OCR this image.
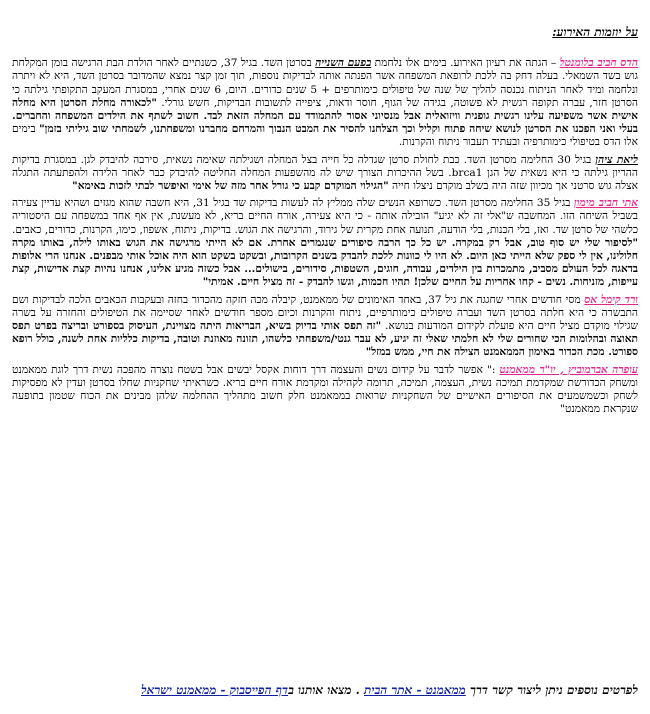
על יוזמות האירוע:

הדס חביב בלומנטל – הגתה את רעיון האירוע. בימים אלו נלחמת בפעם השנייה בסרטן השד. בגיל 37, כשנתיים לאחר הולדת הבת הרגישה בומן המקלחת גוש בשד השמאלי. בעלה דחק בה ללכת לרופאת המשפחה אשר הפנתה אותה לבדיקות נוספות, תוך זמן קצר נמצא שהמדובר בסרטן השד, היא לא ויתרה ונלחמה ומיד לאחר הניתוח נכנסה להליך של שנה של טיפולים כימותרפים + 5 שנים כדורים. היום, 6 שנים אחרי, במסגרת המעקב התקופתי גילתה כי הסרטן חזר, עברה תקופה רגשית לא פשוטה, בגידה של הגוף, חוסר ודאות, ציפייה לתשובות הבדיקות, חשש גורלי. "לכאורה מחלת הסרטן היא מחלה אישית אשר משפיעה עלינו רגשית גופנית וויזואלית אבל מנסיוני אסור להתמודד עם המחלה הזאת לבד. חשוב לשתף את הילדים המשפחה והחברים. בעלי ואני הפכנו את הסרטן לנושא שיחה פתוח וקליל וכך הצלחנו להסיר את המבט הנבוך והמרחם מחברנו ומשפחתנו, לשמחתי שוב גיליתי בזמן" בימים אלו הדס בטיפולי כימותרפיה ובעתיד תעבור ניתוח והקרנות.

ליאת ציהן בגיל 30 החלימה מסרטן השד. כבת לחולת סרטן שגדלה כל חייה בצל המחלה ושגילתה שאימה נשאית, סירבה להיבדק לגן. במסגרת בדיקות ההריון גילתה כי היא נשאית של הגן brca1. בשל ההיכרות הצורך שיש לה מהשפעות המחלה החליטה להיבדק כבר לאחר הלידה ולהפתעתה התגלה אצלה גוש סרטני אך מכיוון שזה היה בשלב מוקדם ניצלו חייה "הגילוי המוקדם קבע כי גורל אחר מזה של אימי ואיפשר לבתי לזכות באימא"

אתי חביב מימון בגיל 35 החלימה מסרטן השד. כשרופא הנשים שלה ממליץ לה לעשות בדיקות שד בגיל 31, היא חשבה שהוא מגזים ושהיא עדיין צעירה בשביל השיחה הזו. המחשבה ש"אלי זה לא יגיע" הובילה אותה - כי היא צעירה, אורח החיים בריא, לא מעשנת, אין אף אחד במשפחה עם היסטוריה כלשהי של סרטן שד. ואז, בלי הכנות, בלי הודעה, תנועה אחת מקרית של גירוד, והרגישה את הגוש. בדיקות, ניתוח, אשפוז, כימו, הקרנות, כדורים, כאבים. "לסיפור שלי יש סוף טוב, אבל רק במקרה. יש כל כך הרבה סיפורים שנגמרים אחרת. אם לא הייתי מרגישה את הגוש באותו לילה, באותו מקרה חלולינו, אין לי ספק שלא הייתי כאן היום. לא היו לי כוונות ללכת להבדק בשנים הקרובות, ובשקט בשקט הוא היה אוכל אותי מבפנים. אנחנו הרי אלופות בדאגה לכל העולם מסביב, מתמכרות בין הילדים, עבודה, חוגים, השטפות, סידורים, בישולים... אבל כשזה מגיע אלינו, אנחנו נהיות קצת אדישות, קצת עייפות, מזניחות. נשים - קחו אחריות על החיים שלכן! תהיו חכמות, וגשו להבדק - זה מציל חיים. אמיתי"

ורד קימל אס מסי חודשים אחרי שחגגה את גיל 37, באחד האימונים של ממאמנט, קיבלה מכה חזקה מהכדור בחזה ובעקבות הכאבים הלכה לבדיקות ושם התבשרה כי היא חלתה בסרטן השד ועברה טיפולים כימותרפיים, ניתוח והקרנות וכיום מספר חודשים לאחר שסיימה את הטיפולים והחזרה על בשרה שגילוי מוקדם מציל חיים היא פועלת לקידום המודעות בנושא. "זה תפס אותי בדיוק בשיא, הבריאות היתה מצויינת, העיסוק בספורט ובריצה בפרט תפס תאוצה ובהלומות הכי שחורים שלי לא חלמתי שאלי זה יגיע, לא עבר גנטי/משפחתי כלשהו, תזונה מאוזנת וטובה, בדיקות כלליות אחת לשנה, כולל רופא ספורט. מכת הכדור באימון הממאמנט הצילה את חיי, ממש במזל"

עופרה אברמוביץ , יו"ר ממאמנט :" אפשר לדבר על קידום נשים והעצמה דרך דוחות אקסל יבשים אבל בשטח נוצרה מהפכה נשית דרך לוגת ממאמנט ומשחק הכדורשת שמקדמת תמיכה נשית, העצמה, תמיכה, תרומה לקהילה ומקדמת אורח חיים בריא. כשראיתי שחקניות שחלו בסרטן ועדין לא מפסיקות לשחק וכשמשמעים את הסיפורים האישיים של השחקניות שרואות בממאמנט חלק חשוב מתהליך ההחלמה שלהן מבינים את הכוח שטמון בתופעה שנקראת ממאמנט"

לפרטים נוספים ניתן ליצור קשר דרך ממאמנט - אתר הבית . מצאו אותנו בדף הפייסבוק - ממאמנט ישראל
